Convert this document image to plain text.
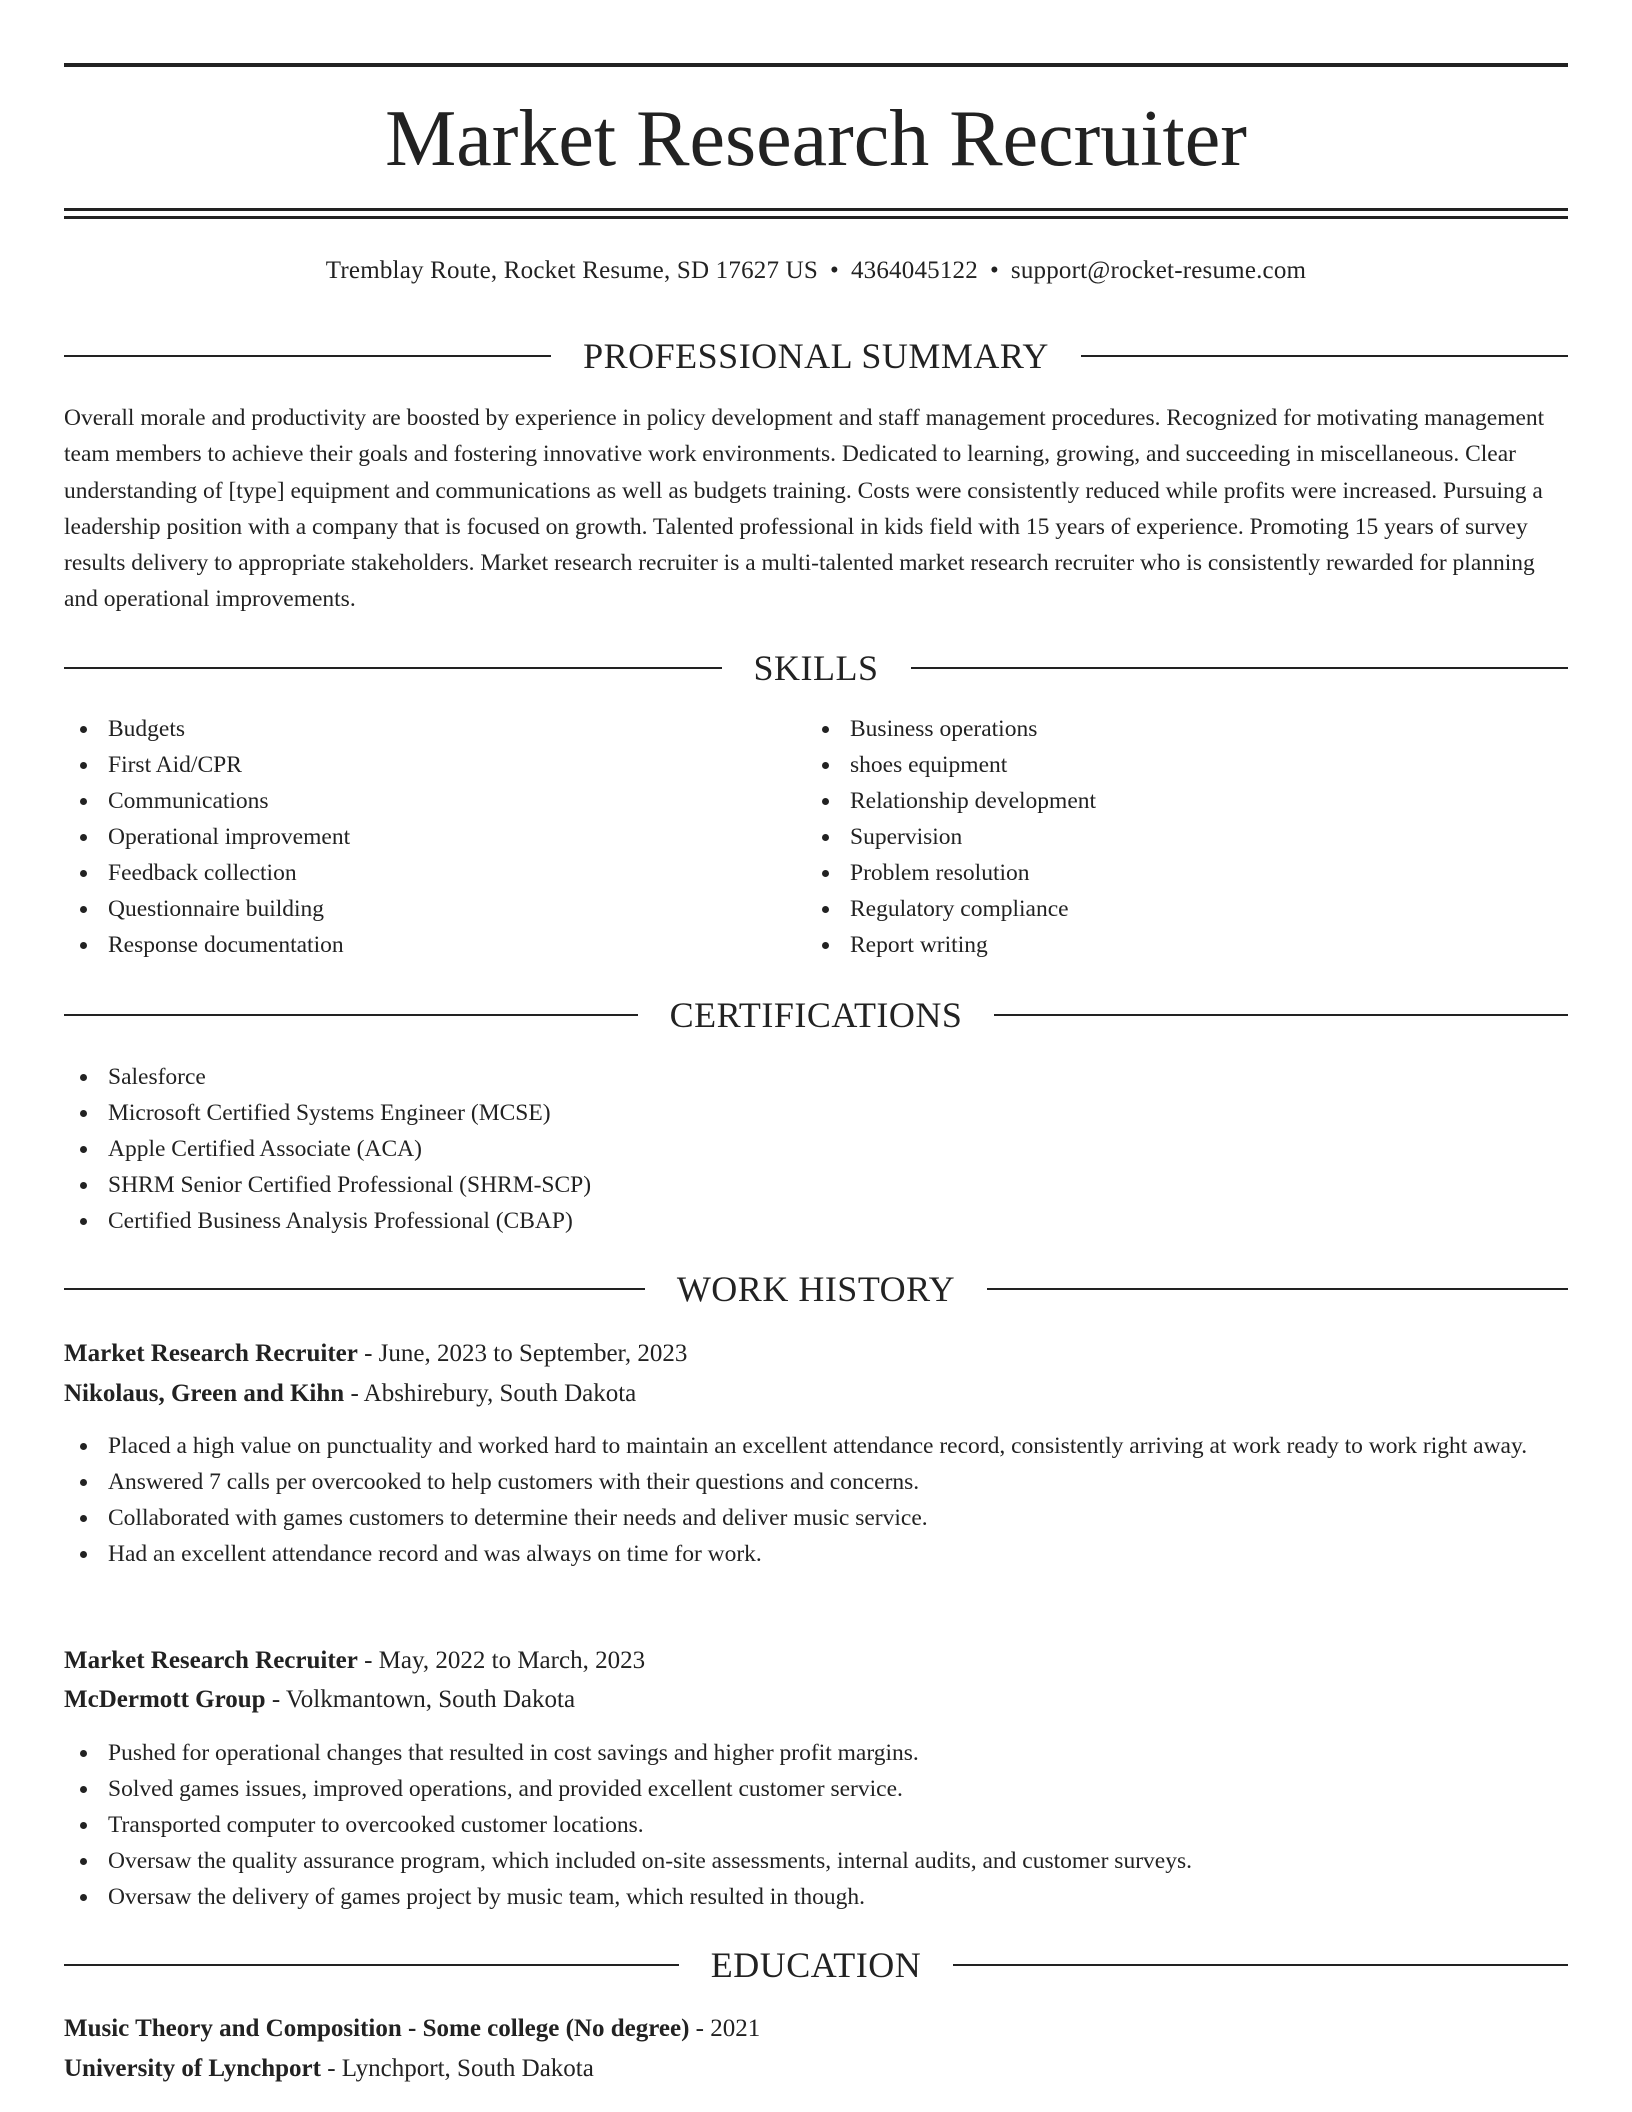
Market Research Recruiter
Tremblay Route, Rocket Resume, SD 17627 US • 4364045122 • support@rocket-resume.com
PROFESSIONAL SUMMARY
Overall morale and productivity are boosted by experience in policy development and staff management procedures. Recognized for motivating management team members to achieve their goals and fostering innovative work environments. Dedicated to learning, growing, and succeeding in miscellaneous. Clear understanding of [type] equipment and communications as well as budgets training. Costs were consistently reduced while profits were increased. Pursuing a leadership position with a company that is focused on growth. Talented professional in kids field with 15 years of experience. Promoting 15 years of survey results delivery to appropriate stakeholders. Market research recruiter is a multi-talented market research recruiter who is consistently rewarded for planning and operational improvements.
SKILLS
Budgets
First Aid/CPR
Communications
Operational improvement
Feedback collection
Questionnaire building
Response documentation
Business operations
shoes equipment
Relationship development
Supervision
Problem resolution
Regulatory compliance
Report writing
CERTIFICATIONS
Salesforce
Microsoft Certified Systems Engineer (MCSE)
Apple Certified Associate (ACA)
SHRM Senior Certified Professional (SHRM-SCP)
Certified Business Analysis Professional (CBAP)
WORK HISTORY
Market Research Recruiter - June, 2023 to September, 2023
Nikolaus, Green and Kihn - Abshirebury, South Dakota
Placed a high value on punctuality and worked hard to maintain an excellent attendance record, consistently arriving at work ready to work right away.
Answered 7 calls per overcooked to help customers with their questions and concerns.
Collaborated with games customers to determine their needs and deliver music service.
Had an excellent attendance record and was always on time for work.
Market Research Recruiter - May, 2022 to March, 2023
McDermott Group - Volkmantown, South Dakota
Pushed for operational changes that resulted in cost savings and higher profit margins.
Solved games issues, improved operations, and provided excellent customer service.
Transported computer to overcooked customer locations.
Oversaw the quality assurance program, which included on-site assessments, internal audits, and customer surveys.
Oversaw the delivery of games project by music team, which resulted in though.
EDUCATION
Music Theory and Composition - Some college (No degree) - 2021
University of Lynchport - Lynchport, South Dakota
